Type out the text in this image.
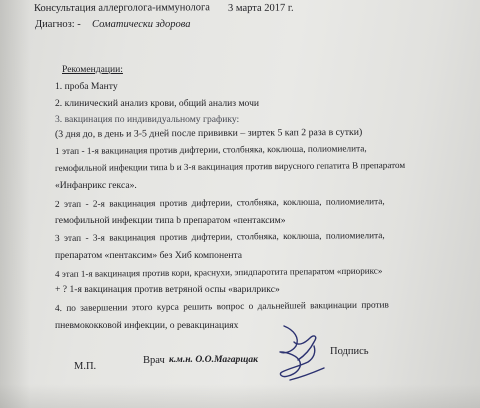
Консультация аллерголога-иммунолога 3 марта 2017 г.
Диагноз: - Соматически здорова
Рекомендации:
1. проба Манту
2. клинический анализ крови, общий анализ мочи
3. вакцинация по индивидуальному графику:
(3 дня до, в день и 3-5 дней после прививки – зиртек 5 кап 2 раза в сутки)
1 этап - 1-я вакцинация против дифтерии, столбняка, коклюша, полиомиелита,
гемофильной инфекции типа b и 3-я вакцинация против вирусного гепатита В препаратом
«Инфанрикс гекса».
2 этап - 2-я вакцинация против дифтерии, столбняка, коклюша, полиомиелита,
гемофильной инфекции типа b препаратом «пентаксим»
3 этап - 3-я вакцинация против дифтерии, столбняка, коклюша, полиомиелита,
препаратом «пентаксим» без Хиб компонента
4 этап 1-я вакцинация против кори, краснухи, эпидпаротита препаратом «приорикс»
+ ? 1-я вакцинация против ветряной оспы «варилрикс»
4. по завершении этого курса решить вопрос о дальнейшей вакцинации против
пневмококковой инфекции, о ревакцинациях
М.П.
Врач к.м.н. О.О.Магарщак
Подпись
